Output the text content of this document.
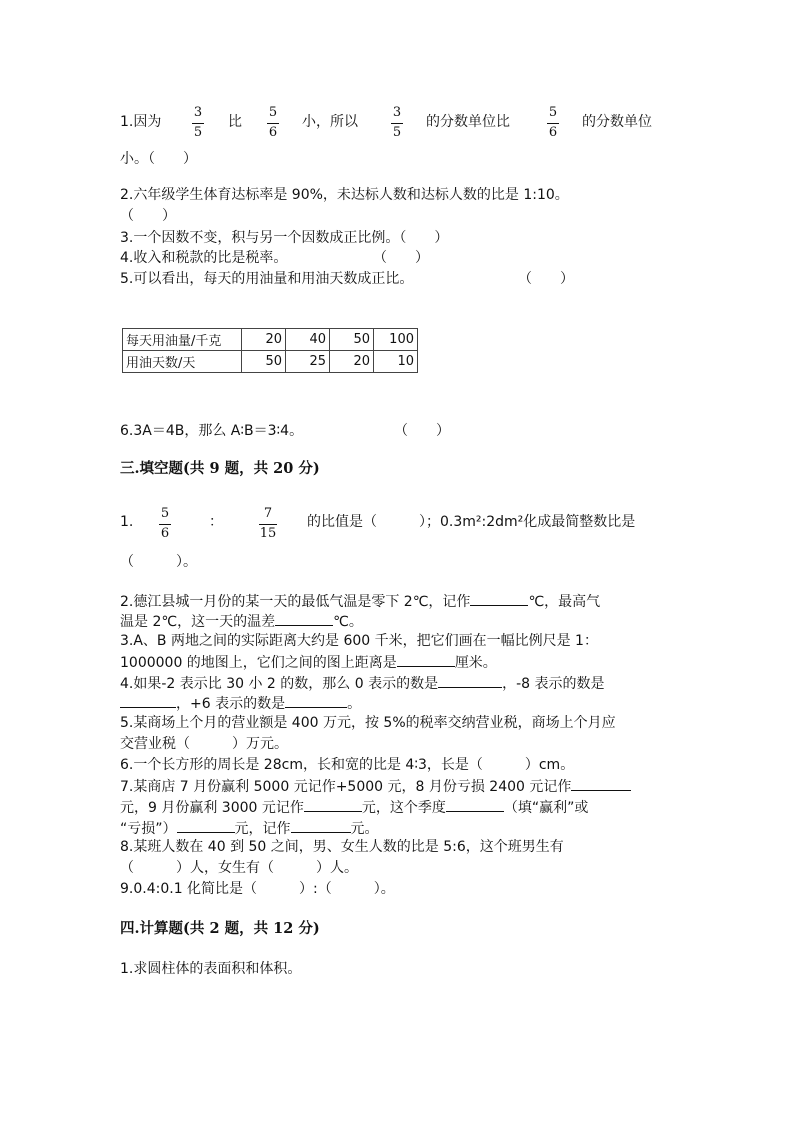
1.因为
3
5
比
5
6
小，所以
3
5
的分数单位比
5
6
的分数单位
小。（　　）
2.六年级学生体育达标率是 90%，未达标人数和达标人数的比是 1:10。
（　　）
3.一个因数不变，积与另一个因数成正比例。（　　）
4.收入和税款的比是税率。	（　　）
5.可以看出，每天的用油量和用油天数成正比。	（　　）
每天用油量/千克	20	40	50	100
用油天数/天	50	25	20	10
6.3A＝4B，那么 A∶B＝3∶4。	（　　）
三.填空题(共 9 题，共 20 分)
1.
5
6
：
7
15
的比值是（　　　）；0.3m²:2dm²化成最简整数比是
（　　　）。
2.德江县城一月份的某一天的最低气温是零下 2℃，记作	℃，最高气
温是 2℃，这一天的温差	℃。
3.A、B 两地之间的实际距离大约是 600 千米，把它们画在一幅比例尺是 1：
1000000 的地图上，它们之间的图上距离是	厘米。
4.如果-2 表示比 30 小 2 的数，那么 0 表示的数是	，-8 表示的数是
，+6 表示的数是	。
5.某商场上个月的营业额是 400 万元，按 5%的税率交纳营业税，商场上个月应
交营业税（　　　）万元。
6.一个长方形的周长是 28cm，长和宽的比是 4∶3，长是（　　　）cm。
7.某商店 7 月份赢利 5000 元记作+5000 元，8 月份亏损 2400 元记作
元，9 月份赢利 3000 元记作	元，这个季度	（填“赢利”或
“亏损”）	元，记作	元。
8.某班人数在 40 到 50 之间，男、女生人数的比是 5:6，这个班男生有
（　　　）人，女生有（　　　）人。
9.0.4:0.1 化简比是（　　　）:（　　　）。
四.计算题(共 2 题，共 12 分)
1.求圆柱体的表面积和体积。
